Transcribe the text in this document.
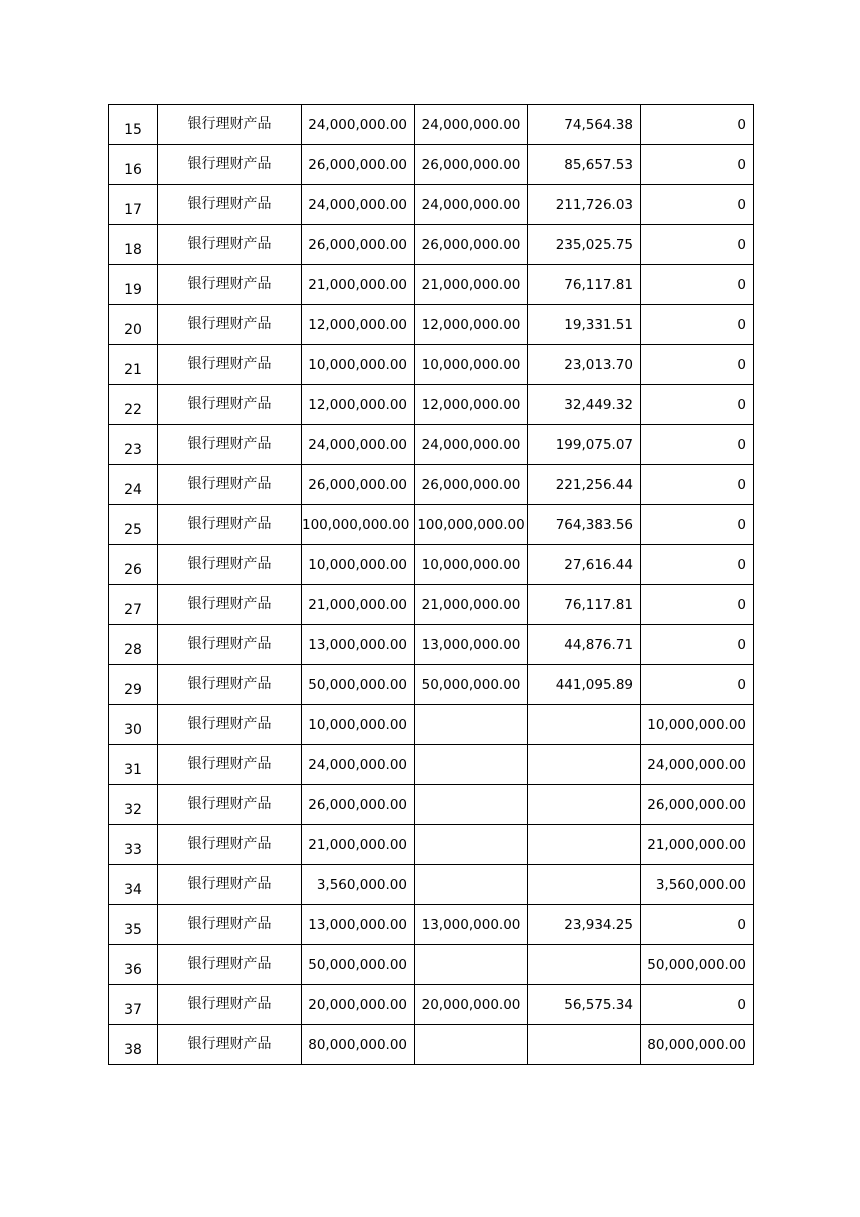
15	银行理财产品	24,000,000.00	24,000,000.00	74,564.38	0
16	银行理财产品	26,000,000.00	26,000,000.00	85,657.53	0
17	银行理财产品	24,000,000.00	24,000,000.00	211,726.03	0
18	银行理财产品	26,000,000.00	26,000,000.00	235,025.75	0
19	银行理财产品	21,000,000.00	21,000,000.00	76,117.81	0
20	银行理财产品	12,000,000.00	12,000,000.00	19,331.51	0
21	银行理财产品	10,000,000.00	10,000,000.00	23,013.70	0
22	银行理财产品	12,000,000.00	12,000,000.00	32,449.32	0
23	银行理财产品	24,000,000.00	24,000,000.00	199,075.07	0
24	银行理财产品	26,000,000.00	26,000,000.00	221,256.44	0
25	银行理财产品	100,000,000.00	100,000,000.00	764,383.56	0
26	银行理财产品	10,000,000.00	10,000,000.00	27,616.44	0
27	银行理财产品	21,000,000.00	21,000,000.00	76,117.81	0
28	银行理财产品	13,000,000.00	13,000,000.00	44,876.71	0
29	银行理财产品	50,000,000.00	50,000,000.00	441,095.89	0
30	银行理财产品	10,000,000.00			10,000,000.00
31	银行理财产品	24,000,000.00			24,000,000.00
32	银行理财产品	26,000,000.00			26,000,000.00
33	银行理财产品	21,000,000.00			21,000,000.00
34	银行理财产品	3,560,000.00			3,560,000.00
35	银行理财产品	13,000,000.00	13,000,000.00	23,934.25	0
36	银行理财产品	50,000,000.00			50,000,000.00
37	银行理财产品	20,000,000.00	20,000,000.00	56,575.34	0
38	银行理财产品	80,000,000.00			80,000,000.00
